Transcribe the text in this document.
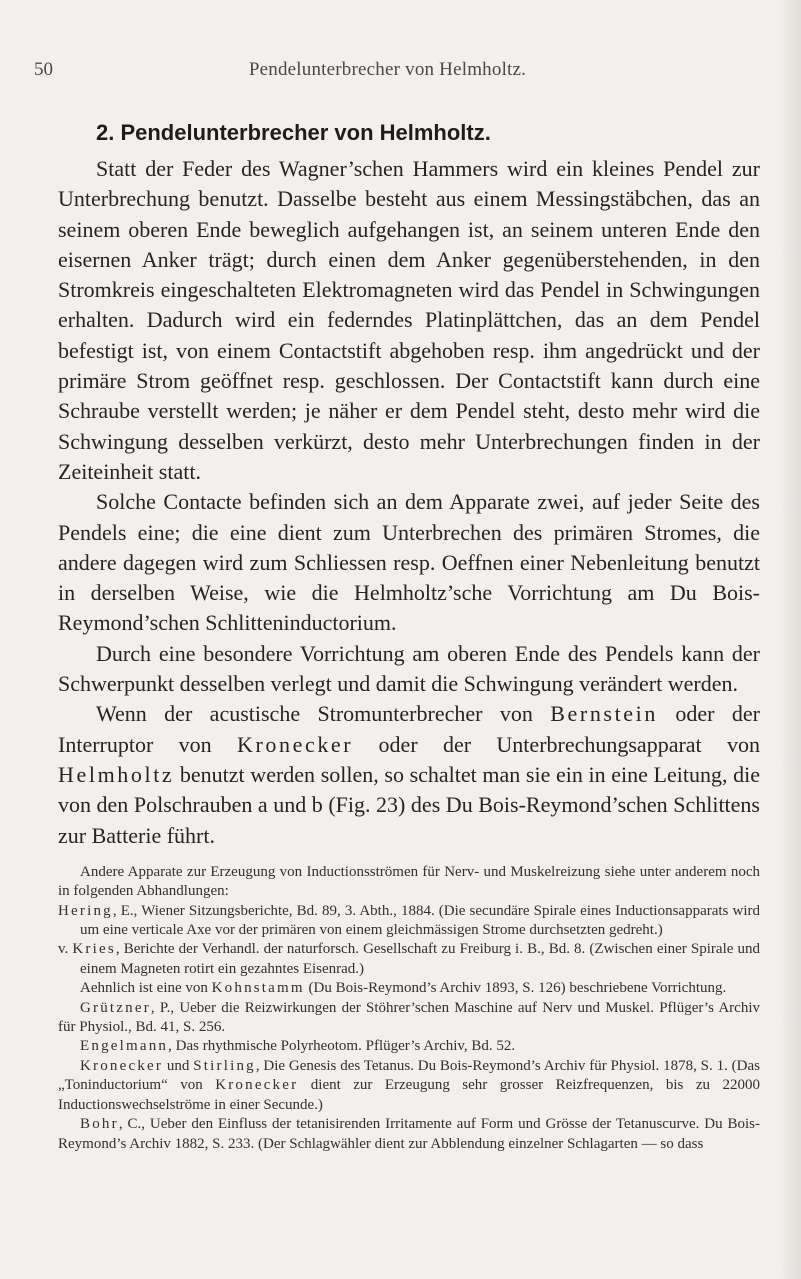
50	Pendelunterbrecher von Helmholtz.
2. Pendelunterbrecher von Helmholtz.

Statt der Feder des Wagner’schen Hammers wird ein kleines Pendel zur Unterbrechung benutzt. Dasselbe besteht aus einem Messingstäbchen, das an seinem oberen Ende beweglich aufgehangen ist, an seinem unteren Ende den eisernen Anker trägt; durch einen dem Anker gegenüberstehenden, in den Stromkreis eingeschalteten Elektromagneten wird das Pendel in Schwingungen erhalten. Dadurch wird ein federndes Platinplättchen, das an dem Pendel befestigt ist, von einem Contactstift abgehoben resp. ihm angedrückt und der primäre Strom geöffnet resp. geschlossen. Der Contactstift kann durch eine Schraube verstellt werden; je näher er dem Pendel steht, desto mehr wird die Schwingung desselben verkürzt, desto mehr Unterbrechungen finden in der Zeiteinheit statt.

Solche Contacte befinden sich an dem Apparate zwei, auf jeder Seite des Pendels eine; die eine dient zum Unterbrechen des primären Stromes, die andere dagegen wird zum Schliessen resp. Oeffnen einer Nebenleitung benutzt in derselben Weise, wie die Helmholtz’sche Vorrichtung am Du Bois-Reymond’schen Schlitteninductorium.

Durch eine besondere Vorrichtung am oberen Ende des Pendels kann der Schwerpunkt desselben verlegt und damit die Schwingung verändert werden.

Wenn der acustische Stromunterbrecher von Bernstein oder der Interruptor von Kronecker oder der Unterbrechungsapparat von Helmholtz benutzt werden sollen, so schaltet man sie ein in eine Leitung, die von den Polschrauben a und b (Fig. 23) des Du Bois-Reymond’schen Schlittens zur Batterie führt.

Andere Apparate zur Erzeugung von Inductionsströmen für Nerv- und Muskelreizung siehe unter anderem noch in folgenden Abhandlungen:

Hering, E., Wiener Sitzungsberichte, Bd. 89, 3. Abth., 1884. (Die secundäre Spirale eines Inductionsapparats wird um eine verticale Axe vor der primären von einem gleichmässigen Strome durchsetzten gedreht.)

v. Kries, Berichte der Verhandl. der naturforsch. Gesellschaft zu Freiburg i. B., Bd. 8. (Zwischen einer Spirale und einem Magneten rotirt ein gezahntes Eisenrad.)

Aehnlich ist eine von Kohnstamm (Du Bois-Reymond’s Archiv 1893, S. 126) beschriebene Vorrichtung.

Grützner, P., Ueber die Reizwirkungen der Stöhrer’schen Maschine auf Nerv und Muskel. Pflüger’s Archiv für Physiol., Bd. 41, S. 256.

Engelmann, Das rhythmische Polyrheotom. Pflüger’s Archiv, Bd. 52.

Kronecker und Stirling, Die Genesis des Tetanus. Du Bois-Reymond’s Archiv für Physiol. 1878, S. 1. (Das „Toninductorium“ von Kronecker dient zur Erzeugung sehr grosser Reizfrequenzen, bis zu 22000 Inductionswechselströme in einer Secunde.)

Bohr, C., Ueber den Einfluss der tetanisirenden Irritamente auf Form und Grösse der Tetanuscurve. Du Bois-Reymond’s Archiv 1882, S. 233. (Der Schlagwähler dient zur Abblendung einzelner Schlagarten — so dass
